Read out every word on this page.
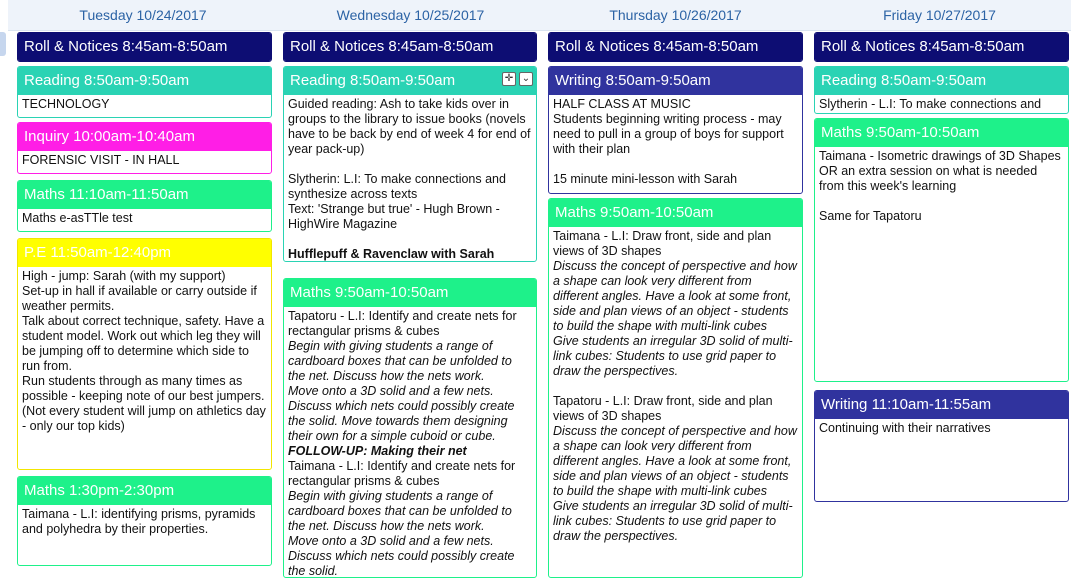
Roll & Notices 8:45am-8:50am
Reading 8:50am-9:50am

TECHNOLOGY

Inquiry 10:00am-10:40am

FORENSIC VISIT - IN HALL

Maths 11:10am-11:50am

Maths e-asTTle test

P.E 11:50am-12:40pm

High - jump: Sarah (with my support)

Set-up in hall if available or carry outside if weather permits.

Talk about correct technique, safety. Have a student model. Work out which leg they will be jumping off to determine which side to run from.

Run students through as many times as possible - keeping note of our best jumpers. (Not every student will jump on athletics day - only our top kids)

Maths 1:30pm-2:30pm

Taimana - L.I: identifying prisms, pyramids and polyhedra by their properties.

Roll & Notices 8:45am-8:50am
Reading 8:50am-9:50am	✛ ⌄

Guided reading: Ash to take kids over in groups to the library to issue books (novels have to be back by end of week 4 for end of year pack-up)

Slytherin: L.I: To make connections and synthesize across texts

Text: 'Strange but true' - Hugh Brown - HighWire Magazine

Hufflepuff & Ravenclaw with Sarah

Maths 9:50am-10:50am

Tapatoru - L.I: Identify and create nets for rectangular prisms & cubes

Begin with giving students a range of cardboard boxes that can be unfolded to the net. Discuss how the nets work.

Move onto a 3D solid and a few nets. Discuss which nets could possibly create the solid. Move towards them designing their own for a simple cuboid or cube.

FOLLOW-UP: Making their net

Taimana - L.I: Identify and create nets for rectangular prisms & cubes

Begin with giving students a range of cardboard boxes that can be unfolded to the net. Discuss how the nets work.

Move onto a 3D solid and a few nets. Discuss which nets could possibly create the solid.

Roll & Notices 8:45am-8:50am
Writing 8:50am-9:50am

HALF CLASS AT MUSIC

Students beginning writing process - may need to pull in a group of boys for support with their plan

15 minute mini-lesson with Sarah

Maths 9:50am-10:50am

Taimana - L.I: Draw front, side and plan views of 3D shapes

Discuss the concept of perspective and how a shape can look very different from different angles. Have a look at some front, side and plan views of an object - students to build the shape with multi-link cubes

Give students an irregular 3D solid of multi-link cubes: Students to use grid paper to draw the perspectives.

Tapatoru - L.I: Draw front, side and plan views of 3D shapes

Discuss the concept of perspective and how a shape can look very different from different angles. Have a look at some front, side and plan views of an object - students to build the shape with multi-link cubes

Give students an irregular 3D solid of multi-link cubes: Students to use grid paper to draw the perspectives.

Roll & Notices 8:45am-8:50am

Reading 8:50am-9:50am

Slytherin - L.I: To make connections and

Maths 9:50am-10:50am

Taimana - Isometric drawings of 3D Shapes OR an extra session on what is needed from this week's learning

Same for Tapatoru

Writing 11:10am-11:55am

Continuing with their narratives

Tuesday 10/24/2017	Wednesday 10/25/2017	Thursday 10/26/2017	Friday 10/27/2017
